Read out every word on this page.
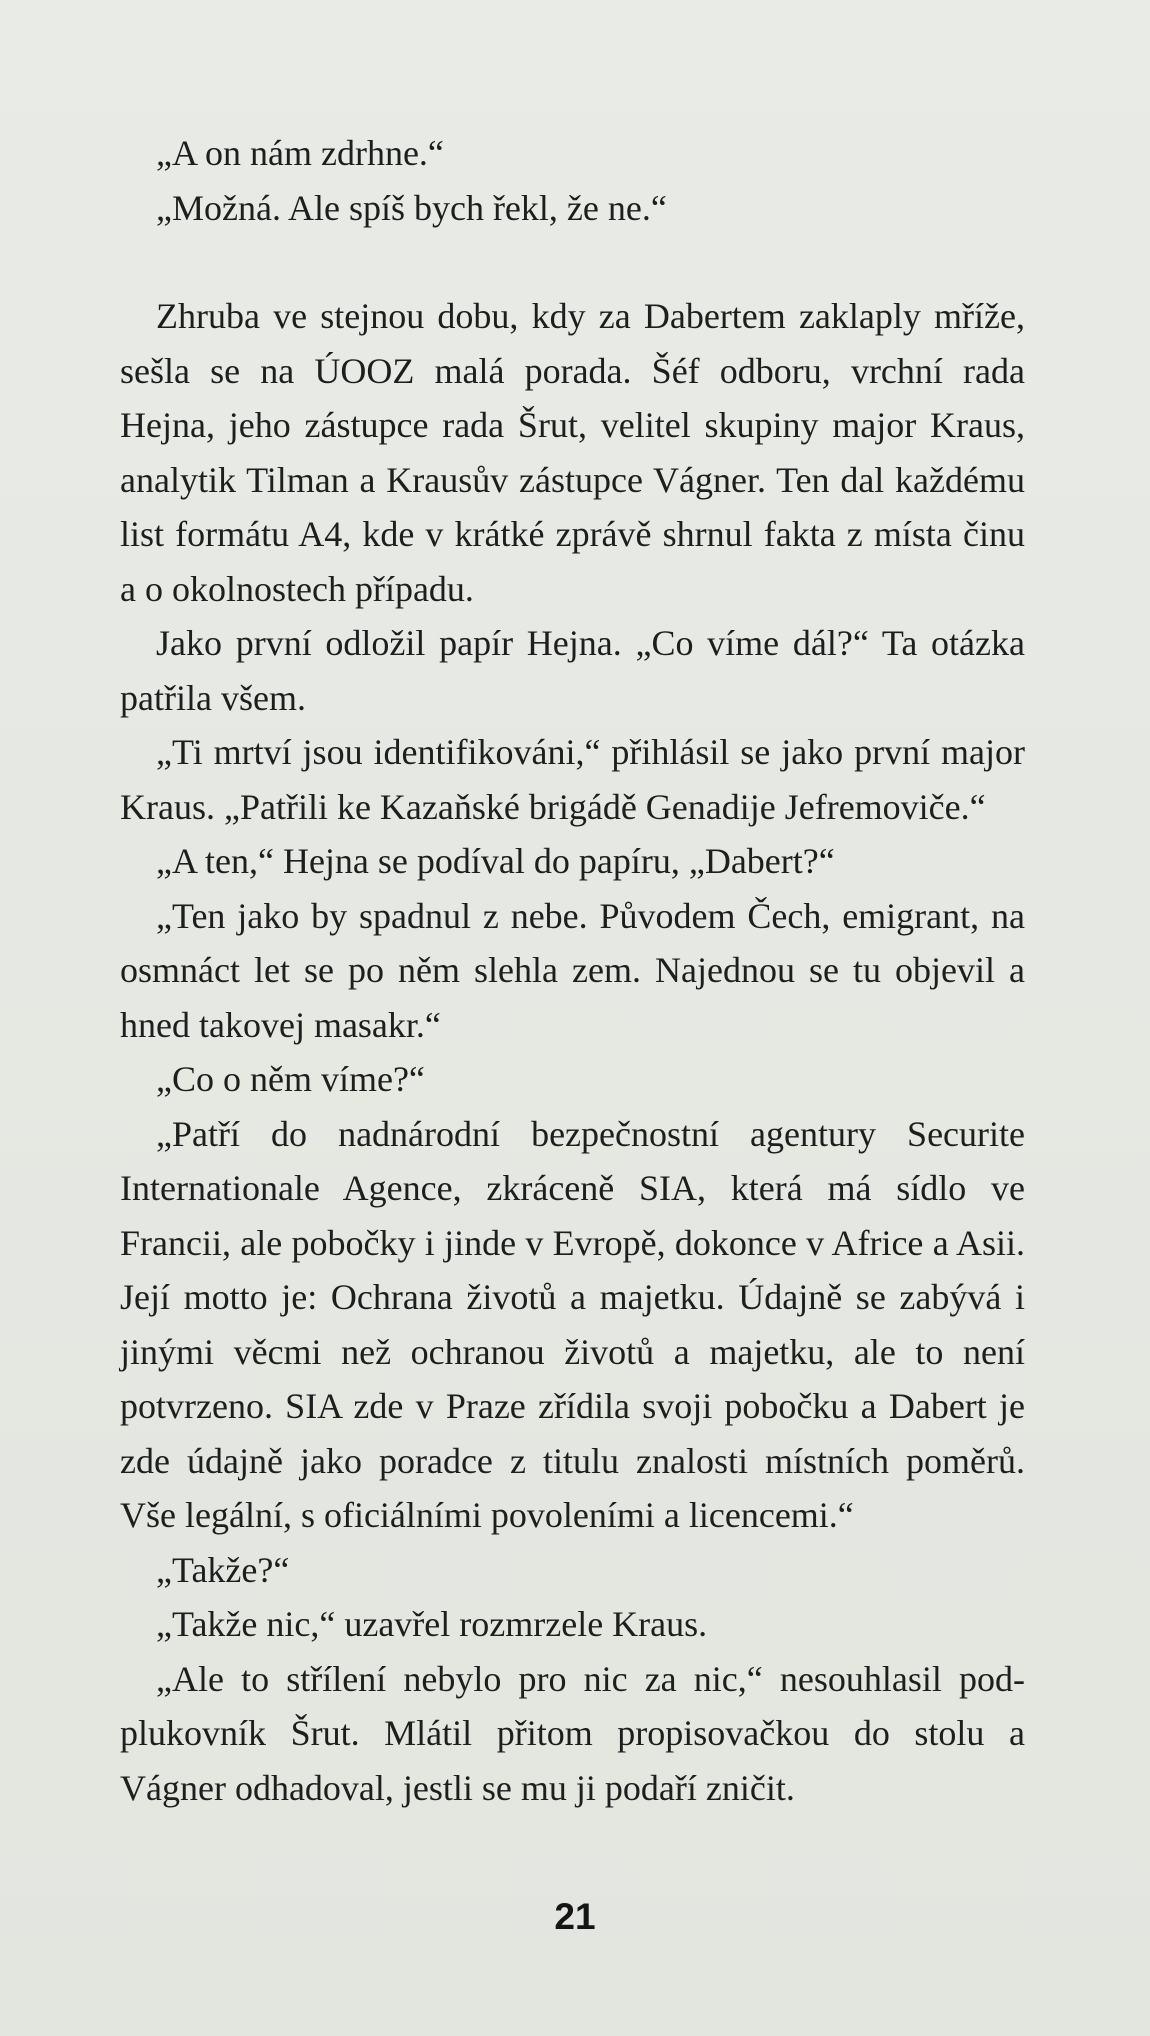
„A on nám zdrhne.“

„Možná. Ale spíš bych řekl, že ne.“

Zhruba ve stejnou dobu, kdy za Dabertem zaklaply mříže, sešla se na ÚOOZ malá porada. Šéf odboru, vrchní rada Hejna, jeho zástupce rada Šrut, velitel skupiny major Kraus, analytik Tilman a Krausův zástupce Vágner. Ten dal každému list formátu A4, kde v krátké zprávě shrnul fakta z místa činu a o okolnostech případu.

Jako první odložil papír Hejna. „Co víme dál?“ Ta otázka patřila všem.

„Ti mrtví jsou identifikováni,“ přihlásil se jako první major Kraus. „Patřili ke Kazaňské brigádě Genadije Jefremoviče.“

„A ten,“ Hejna se podíval do papíru, „Dabert?“

„Ten jako by spadnul z nebe. Původem Čech, emigrant, na osmnáct let se po něm slehla zem. Najednou se tu objevil a hned takovej masakr.“

„Co o něm víme?“

„Patří do nadnárodní bezpečnostní agentury Securite Internationale Agence, zkráceně SIA, která má sídlo ve Francii, ale pobočky i jinde v Evropě, dokonce v Africe a Asii. Její motto je: Ochrana životů a majetku. Údajně se zabývá i jinými věcmi než ochranou životů a majetku, ale to není potvrzeno. SIA zde v Praze zřídila svoji pobočku a Dabert je zde údajně jako poradce z titulu znalosti místních poměrů. Vše legální, s oficiálními povoleními a licencemi.“

„Takže?“

„Takže nic,“ uzavřel rozmrzele Kraus.

„Ale to střílení nebylo pro nic za nic,“ nesouhlasil podplukovník Šrut. Mlátil přitom propisovačkou do stolu a Vágner odhadoval, jestli se mu ji podaří zničit.

21
